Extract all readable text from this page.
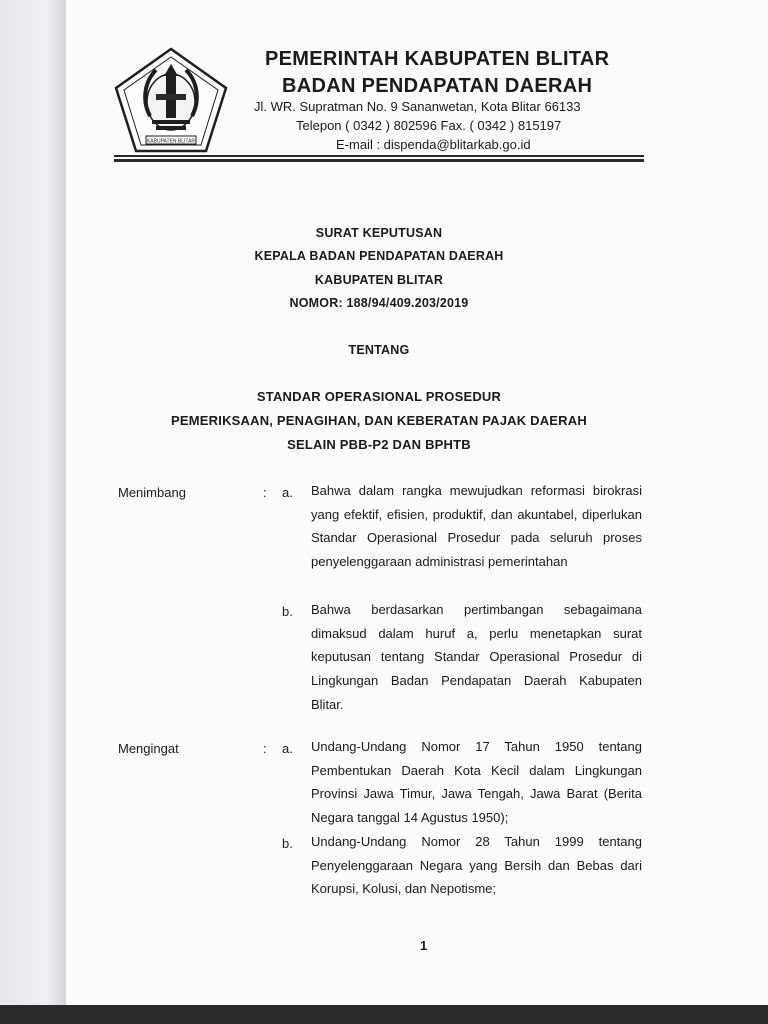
KABUPATEN BLITAR
PEMERINTAH KABUPATEN BLITAR
BADAN PENDAPATAN DAERAH
Jl. WR. Supratman No. 9 Sananwetan, Kota Blitar 66133
Telepon ( 0342 ) 802596 Fax. ( 0342 ) 815197
E-mail : dispenda@blitarkab.go.id
SURAT KEPUTUSAN
KEPALA BADAN PENDAPATAN DAERAH
KABUPATEN BLITAR
NOMOR: 188/94/409.203/2019
TENTANG
STANDAR OPERASIONAL PROSEDUR
PEMERIKSAAN, PENAGIHAN, DAN KEBERATAN PAJAK DAERAH
SELAIN PBB-P2 DAN BPHTB
Menimbang	: a. Bahwa dalam rangka mewujudkan reformasi birokrasi yang efektif, efisien, produktif, dan akuntabel, diperlukan Standar Operasional Prosedur pada seluruh proses penyelenggaraan administrasi pemerintahan
b. Bahwa berdasarkan pertimbangan sebagaimana dimaksud dalam huruf a, perlu menetapkan surat keputusan tentang Standar Operasional Prosedur di Lingkungan Badan Pendapatan Daerah Kabupaten Blitar.
Mengingat	: a. Undang-Undang Nomor 17 Tahun 1950 tentang Pembentukan Daerah Kota Kecil dalam Lingkungan Provinsi Jawa Timur, Jawa Tengah, Jawa Barat (Berita Negara tanggal 14 Agustus 1950);
b. Undang-Undang Nomor 28 Tahun 1999 tentang Penyelenggaraan Negara yang Bersih dan Bebas dari Korupsi, Kolusi, dan Nepotisme;
1
